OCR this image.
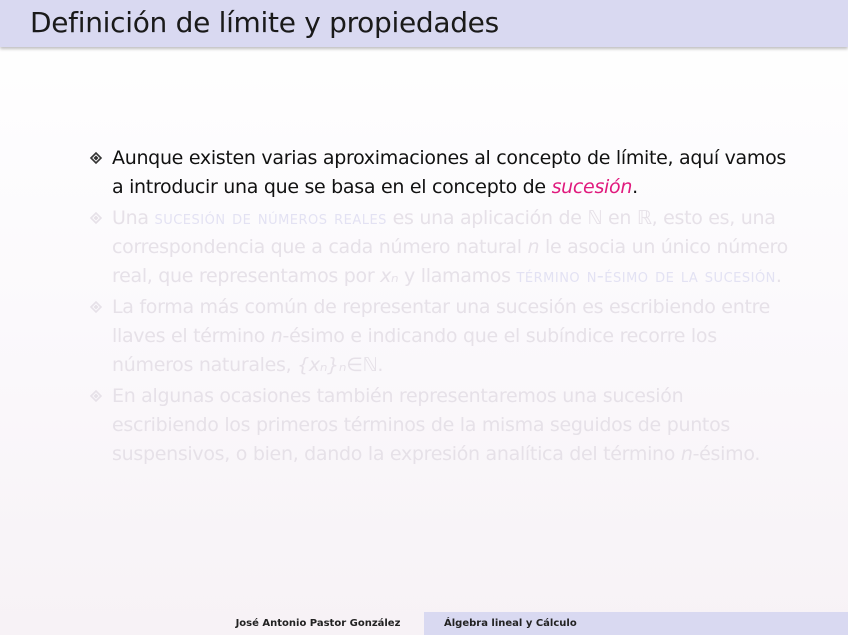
Definición de límite y propiedades
Aunque existen varias aproximaciones al concepto de límite, aquí vamos a introducir una que se basa en el concepto de sucesión.
Una sucesión de números reales es una aplicación de ℕ en ℝ, esto es, una correspondencia que a cada número natural n le asocia un único número real, que representamos por xₙ y llamamos término n-ésimo de la sucesión.
La forma más común de representar una sucesión es escribiendo entre llaves el término n-ésimo e indicando que el subíndice recorre los números naturales, {xₙ}ₙ∈ℕ.
En algunas ocasiones también representaremos una sucesión escribiendo los primeros términos de la misma seguidos de puntos suspensivos, o bien, dando la expresión analítica del término n-ésimo.
José Antonio Pastor González	Álgebra lineal y Cálculo
